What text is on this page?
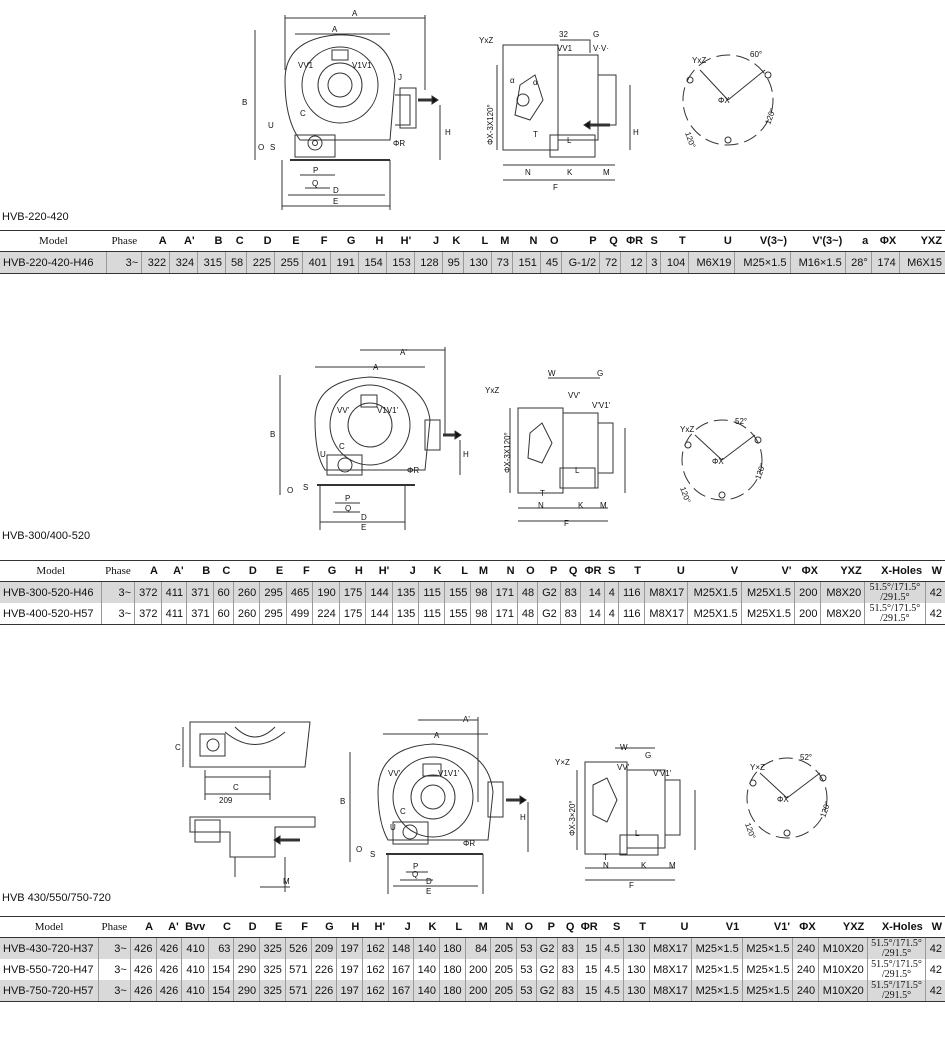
A
A
VV1	V1V1
J
B
C
U
H
O S	ΦR
P
Q
D
E
YxZ
32	G
VV1	V·V·
α α
ΦX-3X120°	L
T	H
N	K	M
F
YxZ
60°
ΦX
120°
120°
HVB-220-420
Model	Phase	A	A'	B	C	D	E	F	G	H	H'	J	K	L	M	N	O	P	Q	ΦR	S	T	U	V(3~)	V'(3~)	a	ΦX	YXZ
HVB-220-420-H46	3~	322	324	315	58	225	255	401	191	154	153	128	95	130	73	151	45	G-1/2	72	12	3	104	M6X19	M25×1.5	M16×1.5	28°	174	M6X15
A'
A
VV'	V1V1'
B
C
U	H
ΦR
O S
P
Q
D
E
YxZ
W	G
VV'
V'V1'
ΦX-3X120°	L
T
N	K M
F
YxZ
52°
ΦX
120°
120°
HVB-300/400-520
Model	Phase	A	A'	B	C	D	E	F	G	H	H'	J	K	L	M	N	O	P	Q	ΦR	S	T	U	V	V'	ΦX	YXZ	X-Holes	W
HVB-300-520-H46	3~	372	411	371	60	260	295	465	190	175	144	135	115	155	98	171	48	G2	83	14	4	116	M8X17	M25X1.5	M25X1.5	200	M8X20	51.5°/171.5°
/291.5°	42
HVB-400-520-H57	3~	372	411	371	60	260	295	499	224	175	144	135	115	155	98	171	48	G2	83	14	4	116	M8X17	M25X1.5	M25X1.5	200	M8X20	51.5°/171.5°
/291.5°	42
C
C
209
M
A'
A
VV'	V1V1'
B
C
U
H
ΦR
O
S
P
Q
D
E
Y×Z
W
G
VV'
V'V1'
ΦX-3×20°	L
T
N	K	M
F
Y×Z
52°
ΦX
120°
120°
HVB 430/550/750-720
Model	Phase	A	A'	Bvv	C	D	E	F	G	H	H'	J	K	L	M	N	O	P	Q	ΦR	S	T	U	V1	V1'	ΦX	YXZ	X-Holes	W
HVB-430-720-H37	3~	426	426	410	63	290	325	526	209	197	162	148	140	180	84	205	53	G2	83	15	4.5	130	M8X17	M25×1.5	M25×1.5	240	M10X20	51.5°/171.5°
/291.5°	42
HVB-550-720-H47	3~	426	426	410	154	290	325	571	226	197	162	167	140	180	200	205	53	G2	83	15	4.5	130	M8X17	M25×1.5	M25×1.5	240	M10X20	51.5°/171.5°
/291.5°	42
HVB-750-720-H57	3~	426	426	410	154	290	325	571	226	197	162	167	140	180	200	205	53	G2	83	15	4.5	130	M8X17	M25×1.5	M25×1.5	240	M10X20	51.5°/171.5°
/291.5°	42
